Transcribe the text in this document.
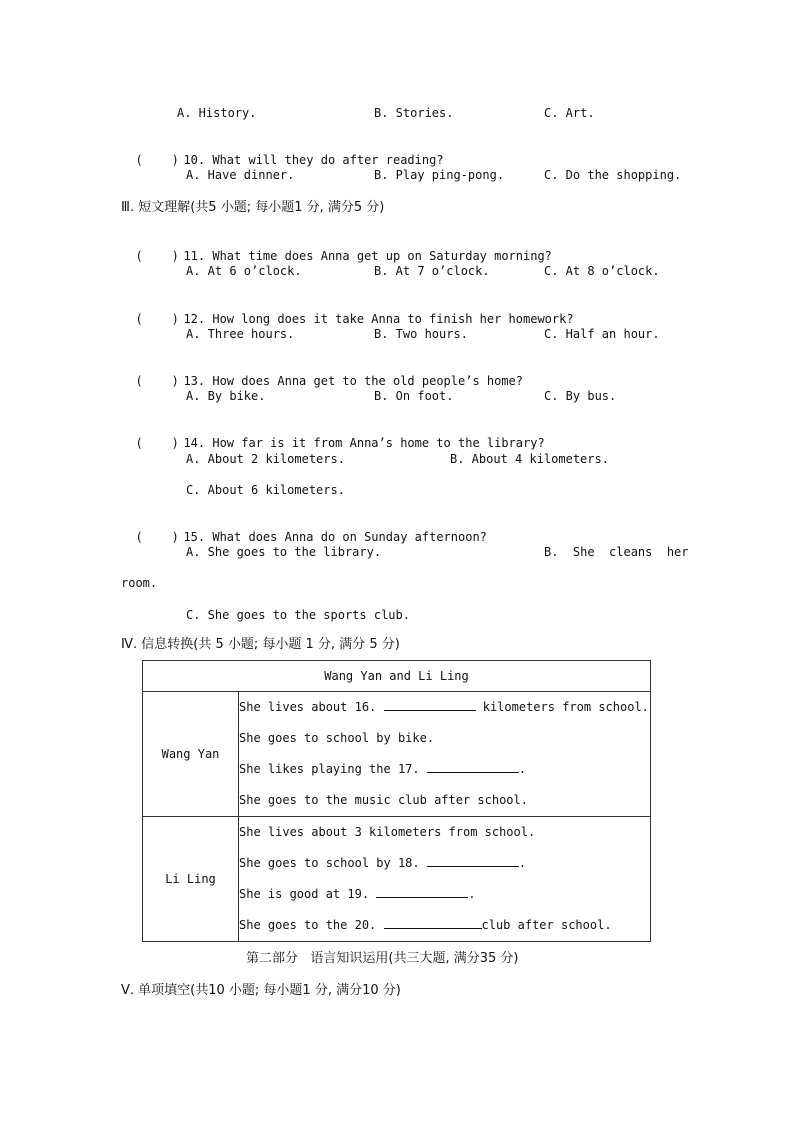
A. History.	B. Stories.	C. Art.

(    ) 10. What will they do after reading?

A. Have dinner.	B. Play ping-pong.	C. Do the shopping.
Ⅲ. 短文理解(共5 小题; 每小题1 分, 满分5 分)

(    ) 11. What time does Anna get up on Saturday morning?

A. At 6 o’clock.	B. At 7 o’clock.	C. At 8 o’clock.

(    ) 12. How long does it take Anna to finish her homework?

A. Three hours.	B. Two hours.	C. Half an hour.

(    ) 13. How does Anna get to the old people’s home?

A. By bike.	B. On foot.	C. By bus.

(    ) 14. How far is it from Anna’s home to the library?

A. About 2 kilometers.	B. About 4 kilometers.
C. About 6 kilometers.

(    ) 15. What does Anna do on Sunday afternoon?

A. She goes to the library.	B.  She  cleans  her
room.
C. She goes to the sports club.
Ⅳ. 信息转换(共 5 小题; 每小题 1 分, 满分 5 分)
Wang Yan and Li Ling	
Wang Yan	She lives about 16. kilometers from school.
She goes to school by bike.
She likes playing the 17. .
She goes to the music club after school.

Li Ling	She lives about 3 kilometers from school.
She goes to school by 18. .
She is good at 19. .
She goes to the 20. club after school.
第二部分   语言知识运用(共三大题, 满分35 分)
Ⅴ. 单项填空(共10 小题; 每小题1 分, 满分10 分)
